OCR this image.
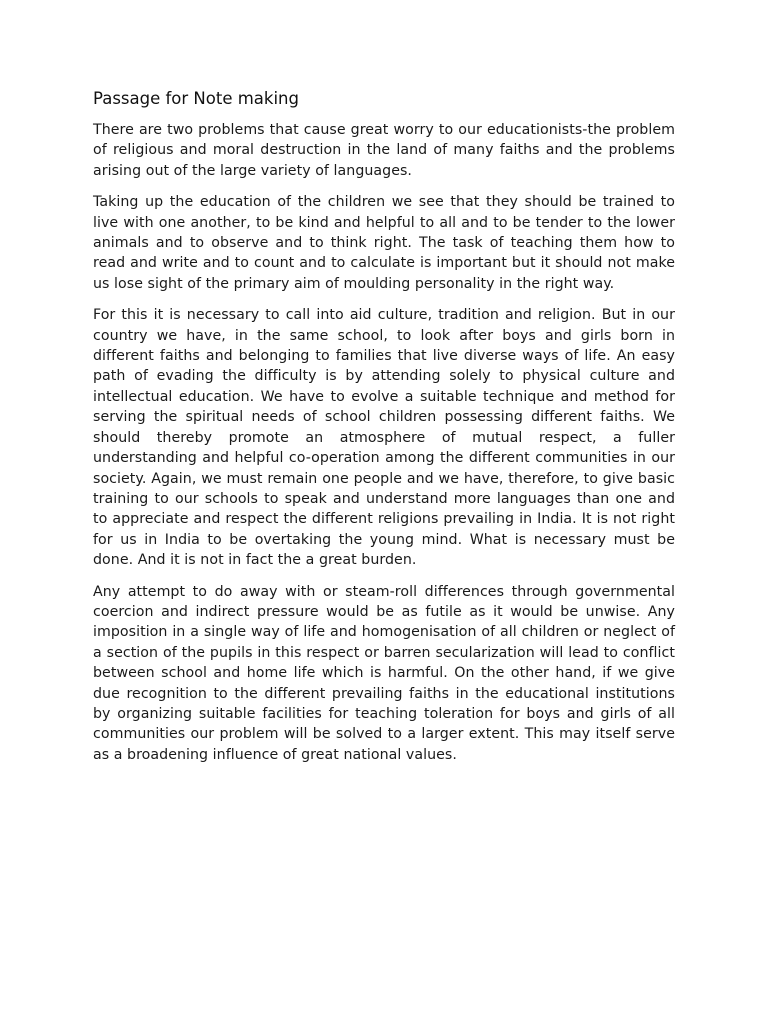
Passage for Note making

There are two problems that cause great worry to our educationists-the problem of religious and moral destruction in the land of many faiths and the problems arising out of the large variety of languages.

Taking up the education of the children we see that they should be trained to live with one another, to be kind and helpful to all and to be tender to the lower animals and to observe and to think right. The task of teaching them how to read and write and to count and to calculate is important but it should not make us lose sight of the primary aim of moulding personality in the right way.

For this it is necessary to call into aid culture, tradition and religion. But in our country we have, in the same school, to look after boys and girls born in different faiths and belonging to families that live diverse ways of life. An easy path of evading the difficulty is by attending solely to physical culture and intellectual education. We have to evolve a suitable technique and method for serving the spiritual needs of school children possessing different faiths. We should thereby promote an atmosphere of mutual respect, a fuller understanding and helpful co-operation among the different communities in our society. Again, we must remain one people and we have, therefore, to give basic training to our schools to speak and understand more languages than one and to appreciate and respect the different religions prevailing in India. It is not right for us in India to be overtaking the young mind. What is necessary must be done. And it is not in fact the a great burden.

Any attempt to do away with or steam-roll differences through governmental coercion and indirect pressure would be as futile as it would be unwise. Any imposition in a single way of life and homogenisation of all children or neglect of a section of the pupils in this respect or barren secularization will lead to conflict between school and home life which is harmful. On the other hand, if we give due recognition to the different prevailing faiths in the educational institutions by organizing suitable facilities for teaching toleration for boys and girls of all communities our problem will be solved to a larger extent. This may itself serve as a broadening influence of great national values.
